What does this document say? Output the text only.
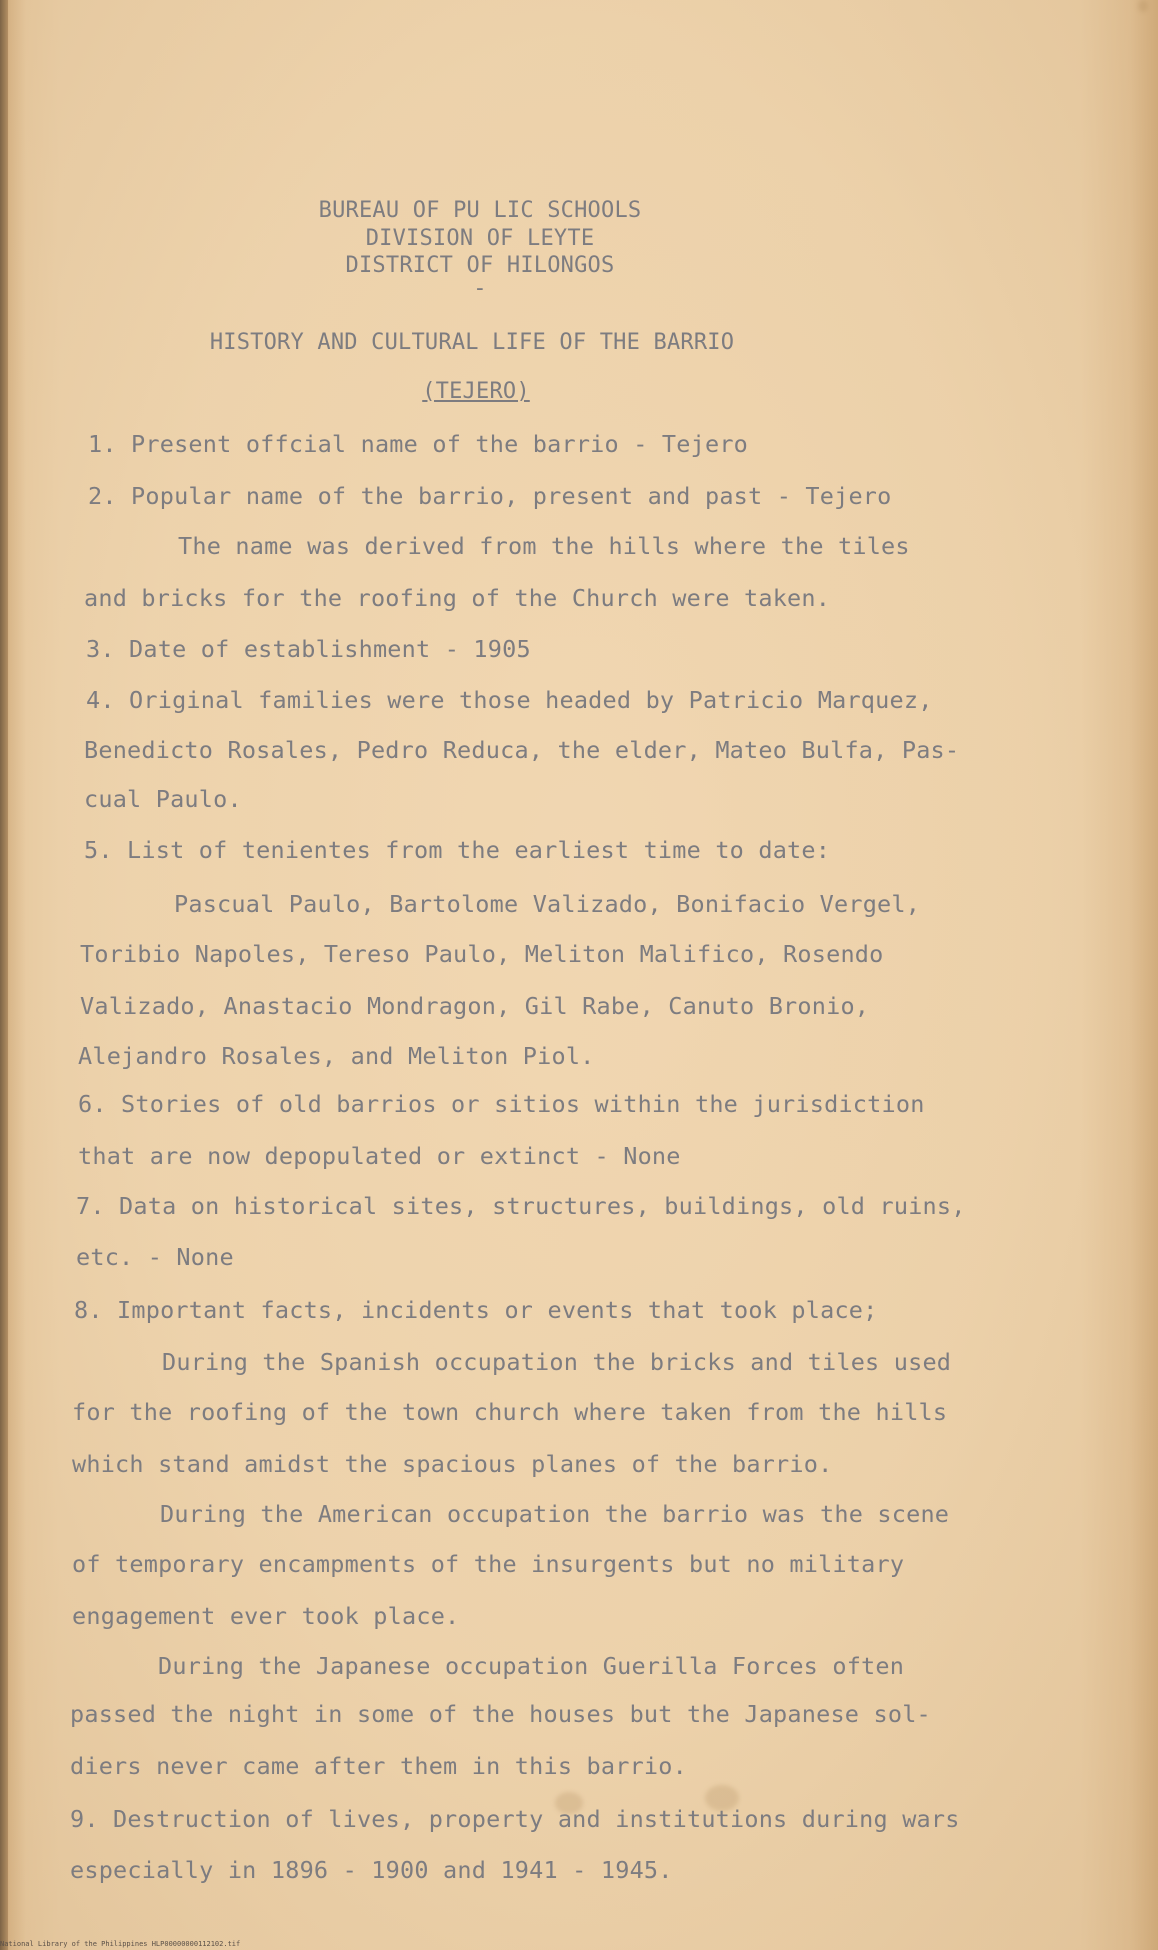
BUREAU OF PU LIC SCHOOLS
DIVISION OF LEYTE
DISTRICT OF HILONGOS
-
HISTORY AND CULTURAL LIFE OF THE BARRIO
(TEJERO)
1. Present offcial name of the barrio - Tejero
2. Popular name of the barrio, present and past - Tejero
The name was derived from the hills where the tiles
and bricks for the roofing of the Church were taken.
3. Date of establishment - 1905
4. Original families were those headed by Patricio Marquez,
Benedicto Rosales, Pedro Reduca, the elder, Mateo Bulfa, Pas-
cual Paulo.
5. List of tenientes from the earliest time to date:
Pascual Paulo, Bartolome Valizado, Bonifacio Vergel,
Toribio Napoles, Tereso Paulo, Meliton Malifico, Rosendo
Valizado, Anastacio Mondragon, Gil Rabe, Canuto Bronio,
Alejandro Rosales, and Meliton Piol.
6. Stories of old barrios or sitios within the jurisdiction
that are now depopulated or extinct - None
7. Data on historical sites, structures, buildings, old ruins,
etc. - None
8. Important facts, incidents or events that took place;
During the Spanish occupation the bricks and tiles used
for the roofing of the town church where taken from the hills
which stand amidst the spacious planes of the barrio.
During the American occupation the barrio was the scene
of temporary encampments of the insurgents but no military
engagement ever took place.
During the Japanese occupation Guerilla Forces often
passed the night in some of the houses but the Japanese sol-
diers never came after them in this barrio.
9. Destruction of lives, property and institutions during wars
especially in 1896 - 1900 and 1941 - 1945.
National Library of the Philippines HLP00000000112102.tif
